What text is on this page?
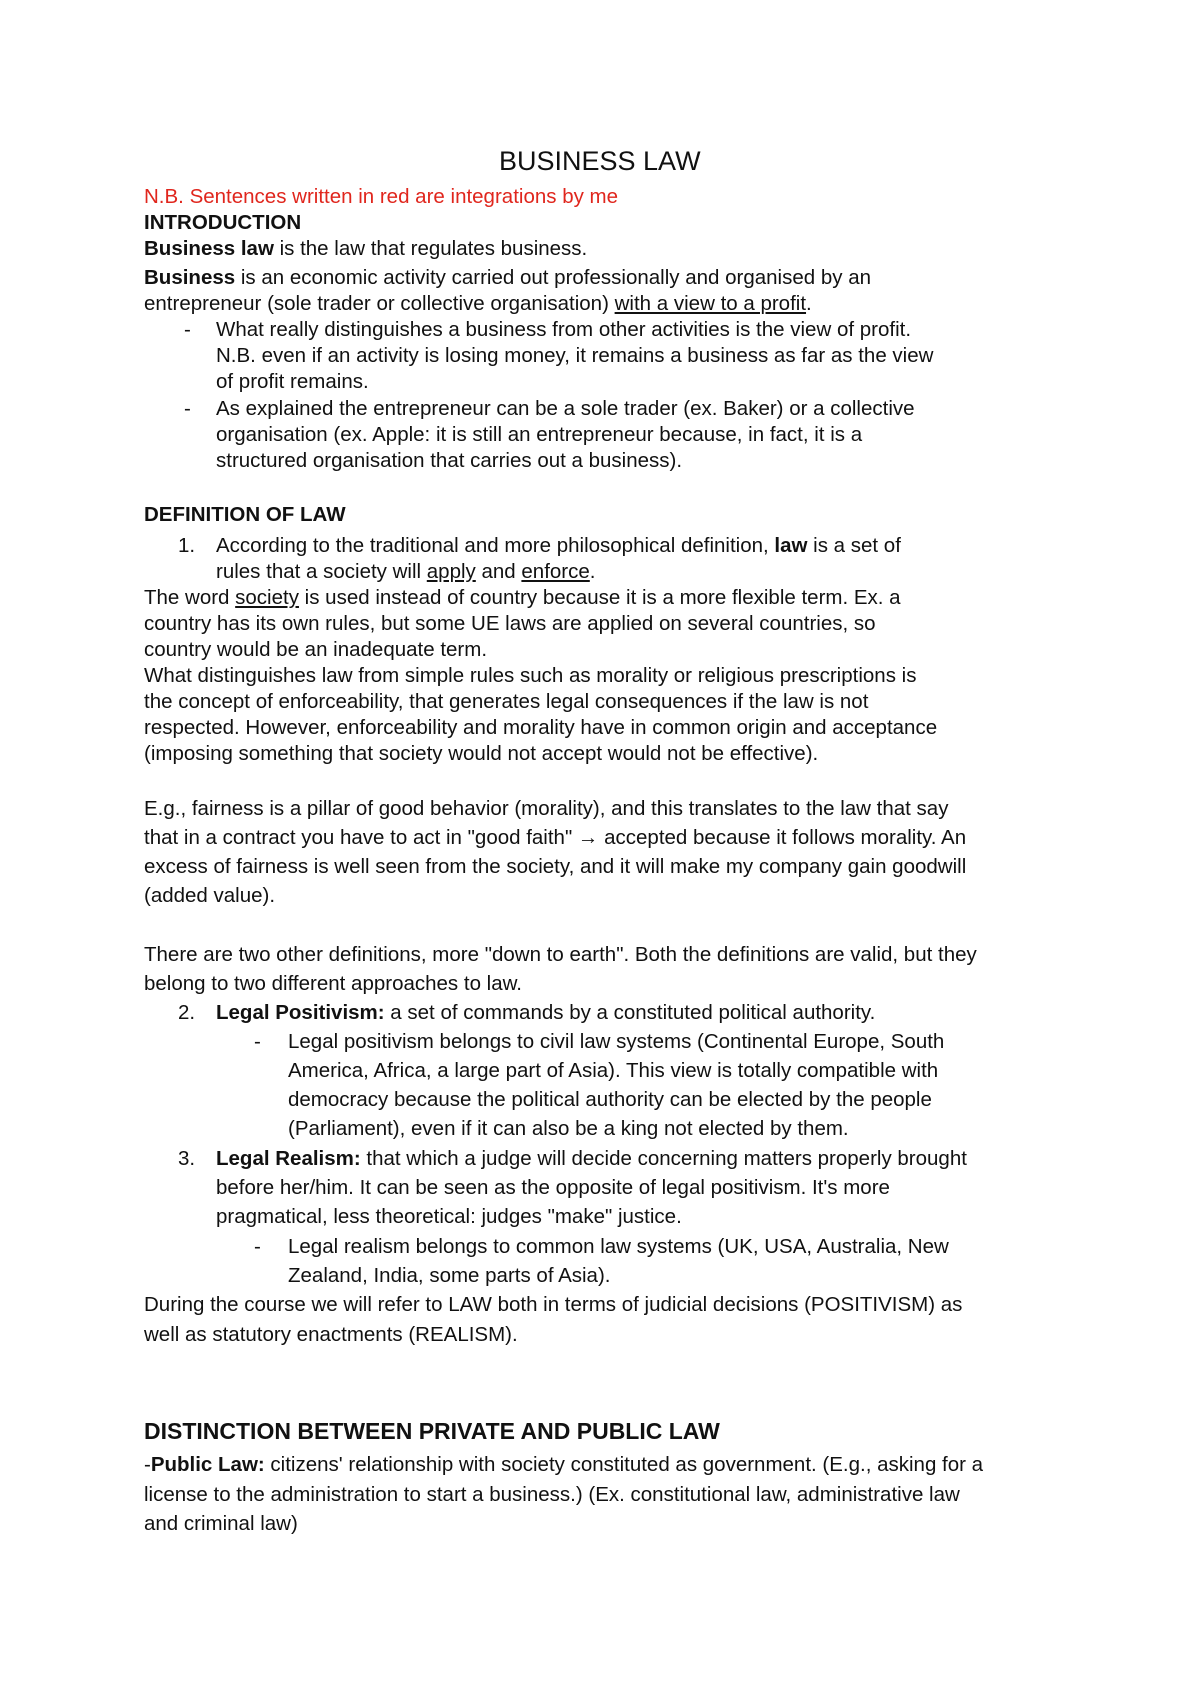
BUSINESS LAW
N.B. Sentences written in red are integrations by me
INTRODUCTION
Business law is the law that regulates business.
Business is an economic activity carried out professionally and organised by an
entrepreneur (sole trader or collective organisation) with a view to a profit.
- What really distinguishes a business from other activities is the view of profit.
N.B. even if an activity is losing money, it remains a business as far as the view
of profit remains.
- As explained the entrepreneur can be a sole trader (ex. Baker) or a collective
organisation (ex. Apple: it is still an entrepreneur because, in fact, it is a
structured organisation that carries out a business).
DEFINITION OF LAW
1. According to the traditional and more philosophical definition, law is a set of
rules that a society will apply and enforce.
The word society is used instead of country because it is a more flexible term. Ex. a
country has its own rules, but some UE laws are applied on several countries, so
country would be an inadequate term.
What distinguishes law from simple rules such as morality or religious prescriptions is
the concept of enforceability, that generates legal consequences if the law is not
respected. However, enforceability and morality have in common origin and acceptance
(imposing something that society would not accept would not be effective).
E.g., fairness is a pillar of good behavior (morality), and this translates to the law that say
that in a contract you have to act in "good faith" → accepted because it follows morality. An
excess of fairness is well seen from the society, and it will make my company gain goodwill
(added value).
There are two other definitions, more "down to earth". Both the definitions are valid, but they
belong to two different approaches to law.
2. Legal Positivism: a set of commands by a constituted political authority.
- Legal positivism belongs to civil law systems (Continental Europe, South
America, Africa, a large part of Asia). This view is totally compatible with
democracy because the political authority can be elected by the people
(Parliament), even if it can also be a king not elected by them.
3. Legal Realism: that which a judge will decide concerning matters properly brought
before her/him. It can be seen as the opposite of legal positivism. It's more
pragmatical, less theoretical: judges "make" justice.
- Legal realism belongs to common law systems (UK, USA, Australia, New
Zealand, India, some parts of Asia).
During the course we will refer to LAW both in terms of judicial decisions (POSITIVISM) as
well as statutory enactments (REALISM).
DISTINCTION BETWEEN PRIVATE AND PUBLIC LAW
-Public Law: citizens' relationship with society constituted as government. (E.g., asking for a
license to the administration to start a business.) (Ex. constitutional law, administrative law
and criminal law)
